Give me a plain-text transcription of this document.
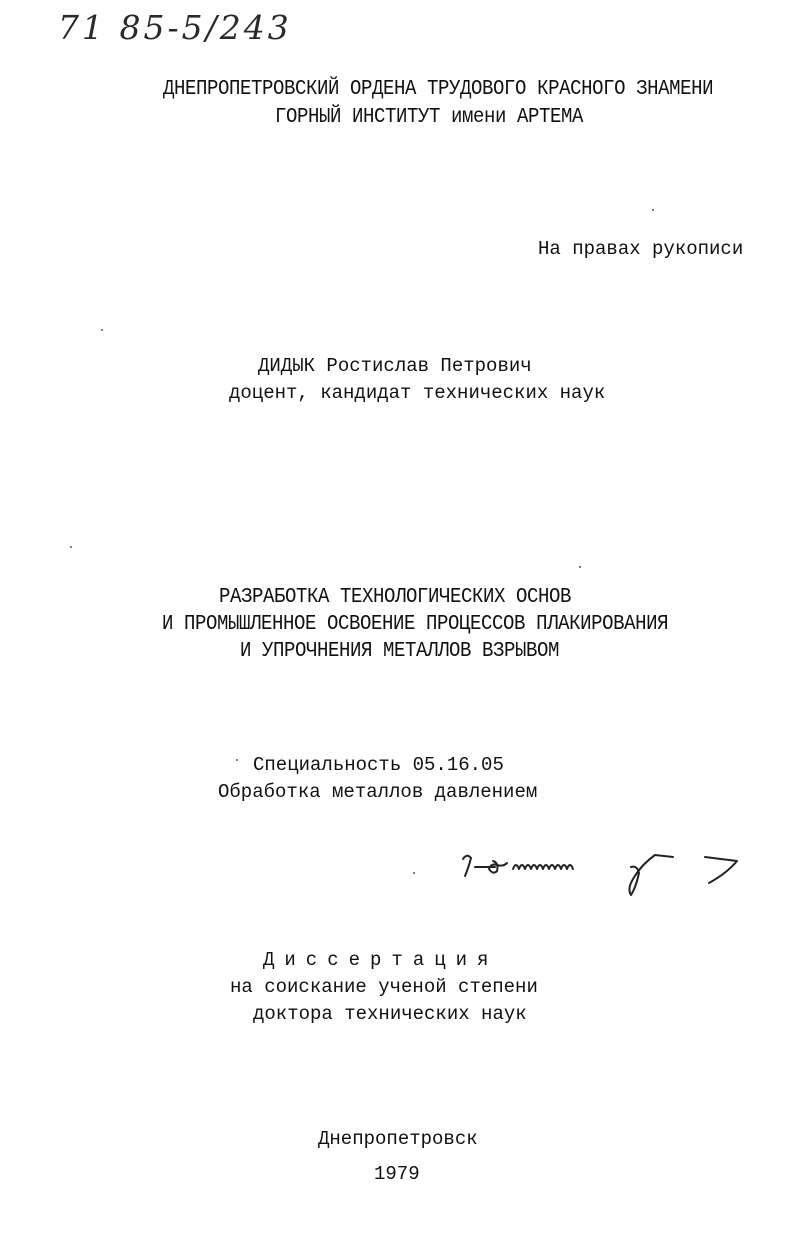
71 85-5/243
ДНЕПРОПЕТРОВСКИЙ ОРДЕНА ТРУДОВОГО КРАСНОГО ЗНАМЕНИ
ГОРНЫЙ ИНСТИТУТ имени АРТЕМА
На правах рукописи
ДИДЫК Ростислав Петрович
доцент, кандидат технических наук
РАЗРАБОТКА ТЕХНОЛОГИЧЕСКИХ ОСНОВ
И ПРОМЫШЛЕННОЕ ОСВОЕНИЕ ПРОЦЕССОВ ПЛАКИРОВАНИЯ
И УПРОЧНЕНИЯ МЕТАЛЛОВ ВЗРЫВОМ
Специальность 05.16.05
Обработка металлов давлением
Диссертация
на соискание ученой степени
доктора технических наук
Днепропетровск
1979
